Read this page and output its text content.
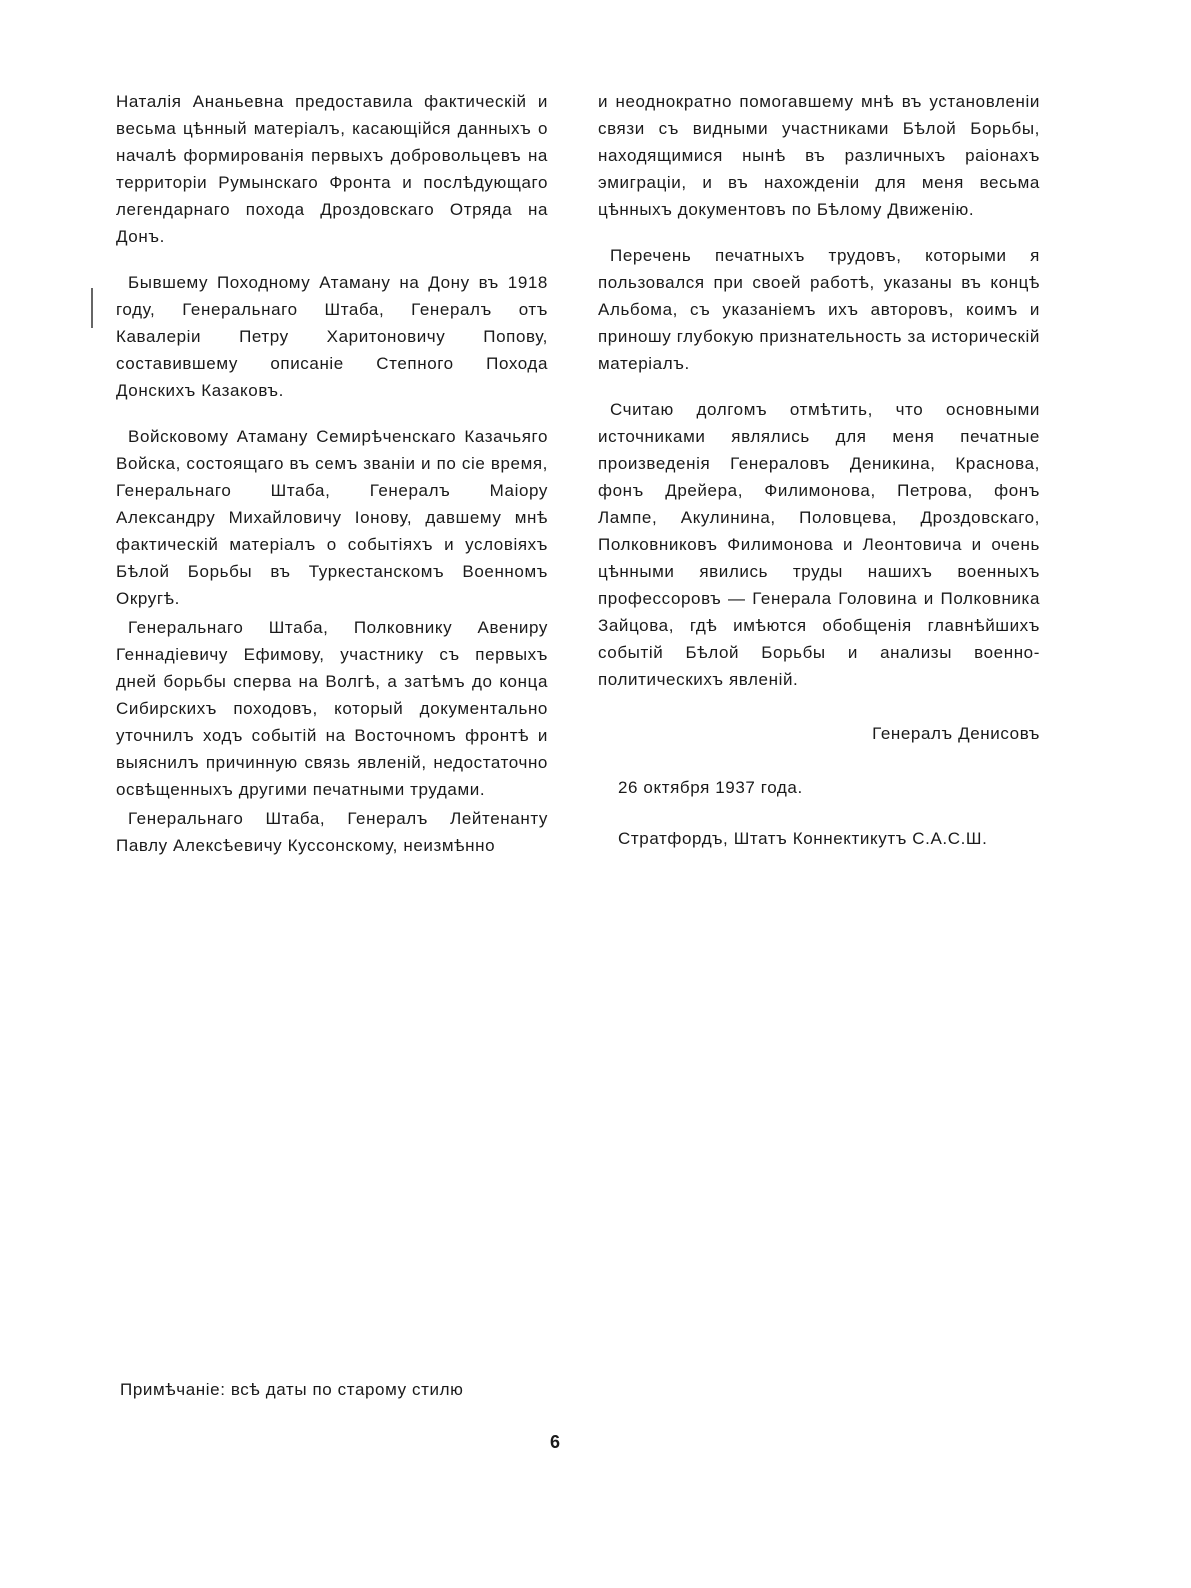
Наталія Ананьевна предоставила фактическій и весьма цѣнный матеріалъ, касающійся данныхъ о началѣ формированія первыхъ добровольцевъ на территоріи Румынскаго Фронта и послѣдующаго легендарнаго похода Дроздовскаго Отряда на Донъ.

Бывшему Походному Атаману на Дону въ 1918 году, Генеральнаго Штаба, Генералъ отъ Кавалеріи Петру Харитоновичу Попову, составившему описаніе Степного Похода Донскихъ Казаковъ.

Войсковому Атаману Семирѣченскаго Казачьяго Войска, состоящаго въ семъ званіи и по сіе время, Генеральнаго Штаба, Генералъ Маіору Александру Михайловичу Іонову, давшему мнѣ фактическій матеріалъ о событіяхъ и условіяхъ Бѣлой Борьбы въ Туркестанскомъ Военномъ Округѣ.

Генеральнаго Штаба, Полковнику Авениру Геннадіевичу Ефимову, участнику съ первыхъ дней борьбы сперва на Волгѣ, а затѣмъ до конца Сибирскихъ походовъ, который документально уточнилъ ходъ событій на Восточномъ фронтѣ и выяснилъ причинную связь явленій, недостаточно освѣщенныхъ другими печатными трудами.

Генеральнаго Штаба, Генералъ Лейтенанту Павлу Алексѣевичу Куссонскому, неизмѣнно

и неоднократно помогавшему мнѣ въ установленіи связи съ видными участниками Бѣлой Борьбы, находящимися нынѣ въ различныхъ раіонахъ эмиграціи, и въ нахожденіи для меня весьма цѣнныхъ документовъ по Бѣлому Движенію.

Перечень печатныхъ трудовъ, которыми я пользовался при своей работѣ, указаны въ концѣ Альбома, съ указаніемъ ихъ авторовъ, коимъ и приношу глубокую признательность за историческій матеріалъ.

Считаю долгомъ отмѣтить, что основными источниками являлись для меня печатные произведенія Генераловъ Деникина, Краснова, фонъ Дрейера, Филимонова, Петрова, фонъ Лампе, Акулинина, Половцева, Дроздовскаго, Полковниковъ Филимонова и Леонтовича и очень цѣнными явились труды нашихъ военныхъ профессоровъ — Генерала Головина и Полковника Зайцова, гдѣ имѣются обобщенія главнѣйшихъ событій Бѣлой Борьбы и анализы военно-политическихъ явленій.

Генералъ Денисовъ

26 октября 1937 года.

Стратфордъ, Штатъ Коннектикутъ С.А.С.Ш.

Примѣчаніе: всѣ даты по старому стилю
6
